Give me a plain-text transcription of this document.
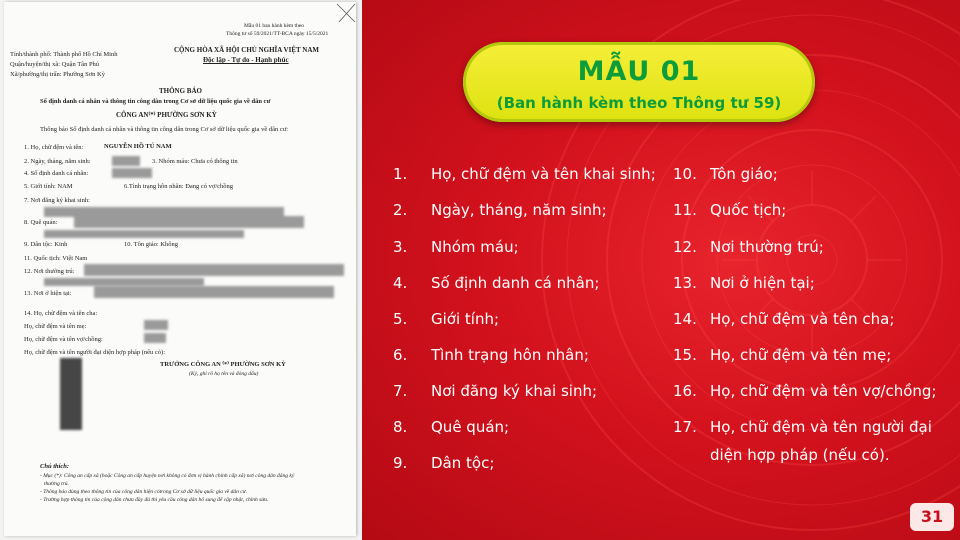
Mẫu 01 ban hành kèm theo
Thông tư số 59/2021/TT-BCA ngày 15/5/2021
Tỉnh/thành phố: Thành phố Hồ Chí Minh
Quận/huyện/thị xã: Quận Tân Phú
Xã/phường/thị trấn: Phường Sơn Kỳ
CỘNG HÒA XÃ HỘI CHỦ NGHĨA VIỆT NAM
Độc lập - Tự do - Hạnh phúc
THÔNG BÁO
Số định danh cá nhân và thông tin công dân trong Cơ sở dữ liệu quốc gia về dân cư
CÔNG AN⁽*⁾ PHƯỜNG SƠN KỲ
Thông báo Số định danh cá nhân và thông tin công dân trong Cơ sở dữ liệu quốc gia về dân cư:
1. Họ, chữ đệm và tên:	NGUYỄN HỒ TÚ NAM
2. Ngày, tháng, năm sinh:	3. Nhóm máu: Chưa có thông tin
4. Số định danh cá nhân:
5. Giới tính: NAM	6.Tình trạng hôn nhân: Đang có vợ/chồng
7. Nơi đăng ký khai sinh:
8. Quê quán:
9. Dân tộc: Kinh	10. Tôn giáo: Không
11. Quốc tịch: Việt Nam
12. Nơi thường trú:
13. Nơi ở hiện tại:
14. Họ, chữ đệm và tên cha:
Họ, chữ đệm và tên mẹ:
Họ, chữ đệm và tên vợ/chồng:
Họ, chữ đệm và tên người đại diện hợp pháp (nếu có):
TRƯỞNG CÔNG AN ⁽*⁾ PHƯỜNG SƠN KỲ
(Ký, ghi rõ họ tên và đóng dấu)
Chú thích:
- Mục (*): Công an cấp xã (hoặc Công an cấp huyện nơi không có đơn vị hành chính cấp xã) nơi công dân đăng ký
thường trú.
- Thông báo dùng theo thông tin của công dân hiện cótrong Cơ sở dữ liệu quốc gia về dân cư.
- Trường hợp thông tin của công dân chưa đầy đủ thì yêu cầu công dân bổ sung để cập nhật, chỉnh sửa.
MẪU 01
(Ban hành kèm theo Thông tư 59)
1. Họ, chữ đệm và tên khai sinh;
2. Ngày, tháng, năm sinh;
3. Nhóm máu;
4. Số định danh cá nhân;
5. Giới tính;
6. Tình trạng hôn nhân;
7. Nơi đăng ký khai sinh;
8. Quê quán;
9. Dân tộc;
10. Tôn giáo;
11. Quốc tịch;
12. Nơi thường trú;
13. Nơi ở hiện tại;
14. Họ, chữ đệm và tên cha;
15. Họ, chữ đệm và tên mẹ;
16. Họ, chữ đệm và tên vợ/chồng;
17. Họ, chữ đệm và tên người đại
diện hợp pháp (nếu có).
31
